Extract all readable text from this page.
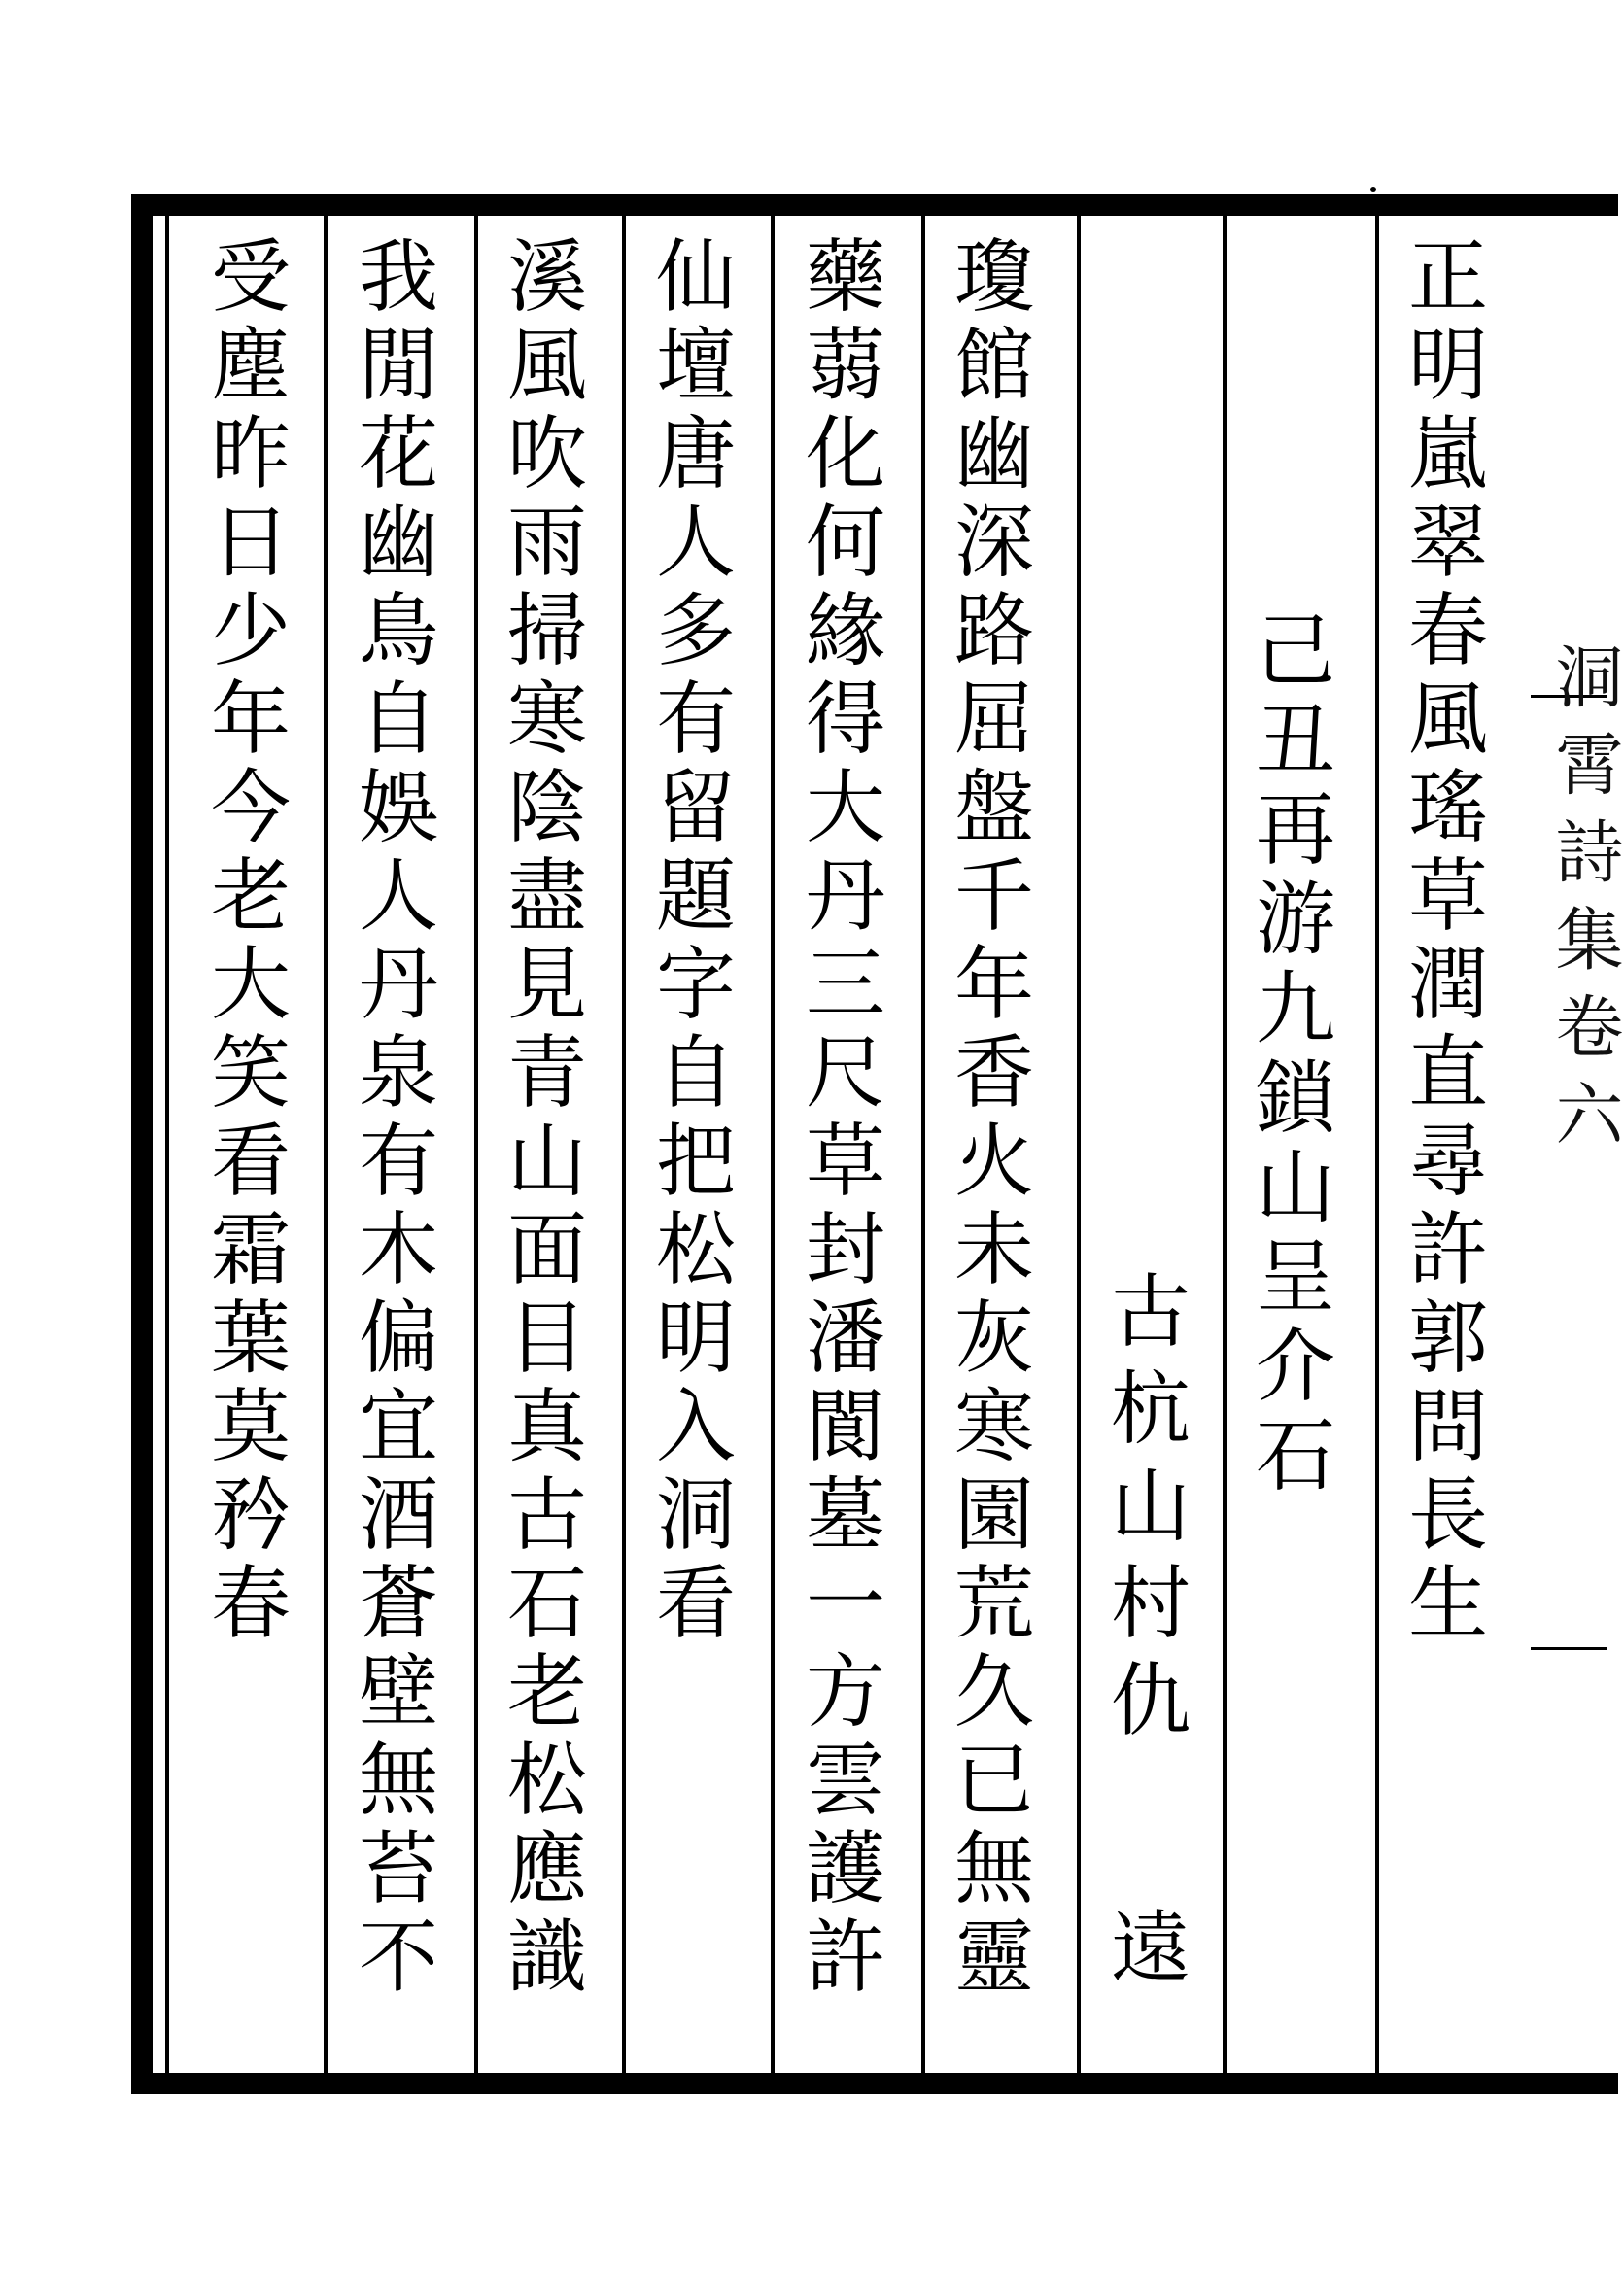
正
明
嵐
翠
春
風
瑤
草
潤
直
尋
許
郭
問
長
生
己
丑
再
游
九
鎖
山
呈
介
石
古
杭
山
村
仇
遠
瓊
館
幽
深
路
屈
盤
千
年
香
火
未
灰
寒
園
荒
久
已
無
靈
藥
蒻
化
何
緣
得
大
丹
三
尺
草
封
潘
閬
墓
一
方
雲
護
許
仙
壇
唐
人
多
有
留
題
字
自
把
松
明
入
洞
看
溪
風
吹
雨
掃
寒
陰
盡
見
青
山
面
目
真
古
石
老
松
應
識
我
閒
花
幽
鳥
自
娛
人
丹
泉
有
木
偏
宜
酒
蒼
壁
無
苔
不
受
塵
昨
日
少
年
今
老
大
笑
看
霜
葉
莫
矜
春
洞霄詩集卷六
